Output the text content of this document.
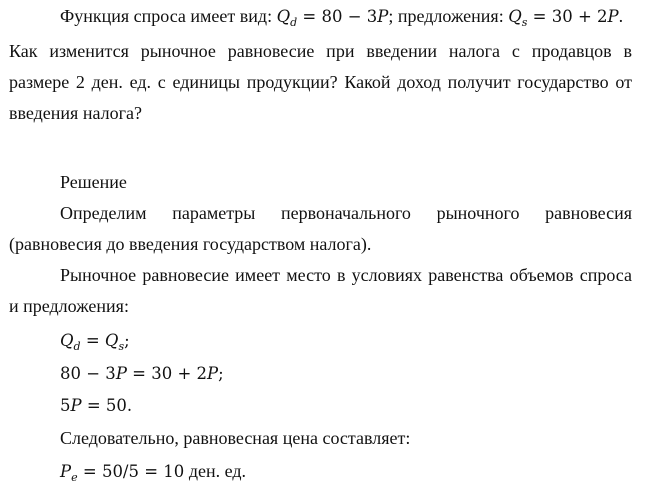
Функция спроса имеет вид: $Q_d = 80 - 3P$; предложения: $Q_s = 30 + 2P$.
Как изменится рыночное равновесие при введении налога с продавцов в
размере 2 ден. ед. с единицы продукции? Какой доход получит государство от
введения налога?
Решение
Определим параметры первоначального рыночного равновесия
(равновесия до введения государством налога).
Рыночное равновесие имеет место в условиях равенства объемов спроса
и предложения:
$Q_d = Q_s$;
80 − 3P = 30 + 2P;
5P = 50.
Следовательно, равновесная цена составляет:
$P_e = 50/5 = 10$ ден. ед.
